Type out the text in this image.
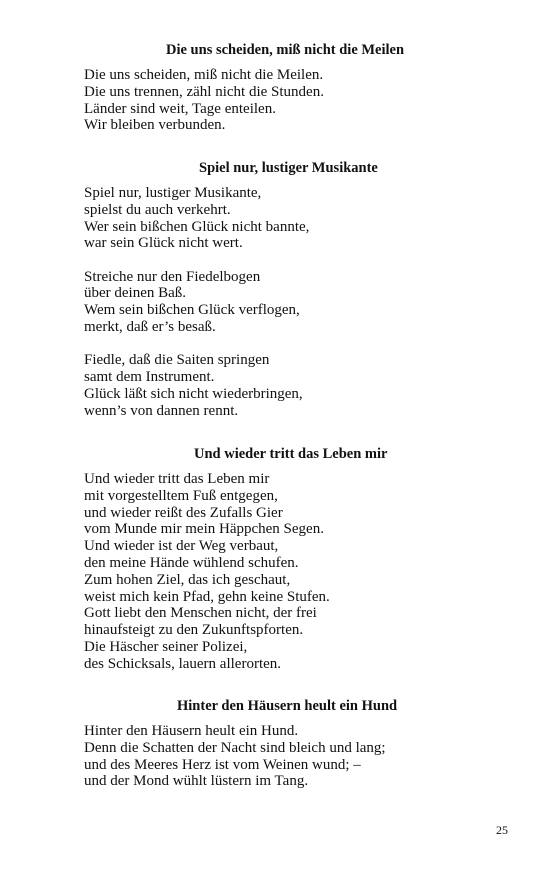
Die uns scheiden, miß nicht die Meilen
Die uns scheiden, miß nicht die Meilen.
Die uns trennen, zähl nicht die Stunden.
Länder sind weit, Tage enteilen.
Wir bleiben verbunden.
Spiel nur, lustiger Musikante
Spiel nur, lustiger Musikante,
spielst du auch verkehrt.
Wer sein bißchen Glück nicht bannte,
war sein Glück nicht wert.
Streiche nur den Fiedelbogen
über deinen Baß.
Wem sein bißchen Glück verflogen,
merkt, daß er’s besaß.
Fiedle, daß die Saiten springen
samt dem Instrument.
Glück läßt sich nicht wiederbringen,
wenn’s von dannen rennt.
Und wieder tritt das Leben mir
Und wieder tritt das Leben mir
mit vorgestelltem Fuß entgegen,
und wieder reißt des Zufalls Gier
vom Munde mir mein Häppchen Segen.
Und wieder ist der Weg verbaut,
den meine Hände wühlend schufen.
Zum hohen Ziel, das ich geschaut,
weist mich kein Pfad, gehn keine Stufen.
Gott liebt den Menschen nicht, der frei
hinaufsteigt zu den Zukunftspforten.
Die Häscher seiner Polizei,
des Schicksals, lauern allerorten.
Hinter den Häusern heult ein Hund
Hinter den Häusern heult ein Hund.
Denn die Schatten der Nacht sind bleich und lang;
und des Meeres Herz ist vom Weinen wund; –
und der Mond wühlt lüstern im Tang.
25
